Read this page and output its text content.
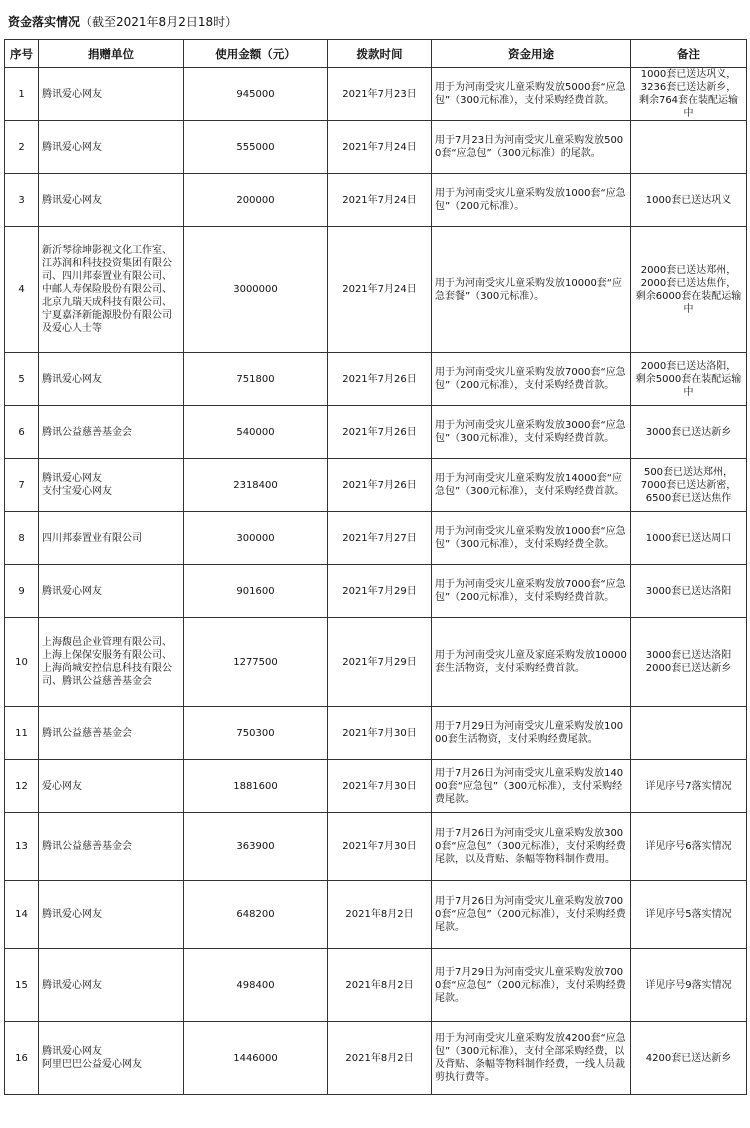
资金落实情况（截至2021年8月2日18时）
序号	捐赠单位	使用金额（元）	拨款时间	资金用途	备注
1	腾讯爱心网友	945000	2021年7月23日	用于为河南受灾儿童采购发放5000套“应急包”（300元标准），支付采购经费首款。	1000套已送达巩义，
3236套已送达新乡，
剩余764套在装配运输中

2	腾讯爱心网友	555000	2021年7月24日	用于7月23日为河南受灾儿童采购发放5000套“应急包”（300元标准）的尾款。	
3	腾讯爱心网友	200000	2021年7月24日	用于为河南受灾儿童采购发放1000套“应急包”（200元标准）。	1000套已送达巩义

4	新沂琴徐坤影视文化工作室、江苏润和科技投资集团有限公司、四川邦泰置业有限公司、中邮人寿保险股份有限公司、北京九瑞天成科技有限公司、宁夏嘉泽新能源股份有限公司及爱心人士等	3000000	2021年7月24日	用于为河南受灾儿童采购发放10000套“应急套餐”（300元标准）。	2000套已送达郑州，
2000套已送达焦作，
剩余6000套在装配运输中

5	腾讯爱心网友	751800	2021年7月26日	用于为河南受灾儿童采购发放7000套“应急包”（200元标准），支付采购经费首款。	2000套已送达洛阳，
剩余5000套在装配运输中

6	腾讯公益慈善基金会	540000	2021年7月26日	用于为河南受灾儿童采购发放3000套“应急包”（300元标准），支付采购经费首款。	3000套已送达新乡

7	腾讯爱心网友
支付宝爱心网友	2318400	2021年7月26日	用于为河南受灾儿童采购发放14000套“应急包”（300元标准），支付采购经费首款。	500套已送达郑州，
7000套已送达新密，
6500套已送达焦作

8	四川邦泰置业有限公司	300000	2021年7月27日	用于为河南受灾儿童采购发放1000套“应急包”（300元标准），支付采购经费全款。	1000套已送达周口

9	腾讯爱心网友	901600	2021年7月29日	用于为河南受灾儿童采购发放7000套“应急包”（200元标准），支付采购经费首款。	3000套已送达洛阳

10	上海馥邑企业管理有限公司、上海上保保安服务有限公司、上海尚城安控信息科技有限公司、腾讯公益慈善基金会	1277500	2021年7月29日	用于为河南受灾儿童及家庭采购发放10000套生活物资，支付采购经费首款。	3000套已送达洛阳
2000套已送达新乡

11	腾讯公益慈善基金会	750300	2021年7月30日	用于7月29日为河南受灾儿童采购发放10000套生活物资，支付采购经费尾款。	
12	爱心网友	1881600	2021年7月30日	用于7月26日为河南受灾儿童采购发放14000套“应急包”（300元标准），支付采购经费尾款。	详见序号7落实情况

13	腾讯公益慈善基金会	363900	2021年7月30日	用于7月26日为河南受灾儿童采购发放3000套“应急包”（300元标准），支付采购经费尾款，以及背贴、条幅等物料制作费用。	详见序号6落实情况

14	腾讯爱心网友	648200	2021年8月2日	用于7月26日为河南受灾儿童采购发放7000套“应急包”（200元标准），支付采购经费尾款。	详见序号5落实情况

15	腾讯爱心网友	498400	2021年8月2日	用于7月29日为河南受灾儿童采购发放7000套“应急包”（200元标准），支付采购经费尾款。	详见序号9落实情况

16	腾讯爱心网友
阿里巴巴公益爱心网友	1446000	2021年8月2日	用于为河南受灾儿童采购发放4200套“应急包”（300元标准），支付全部采购经费，以及背贴、条幅等物料制作经费，一线人员裁剪执行费等。	4200套已送达新乡
